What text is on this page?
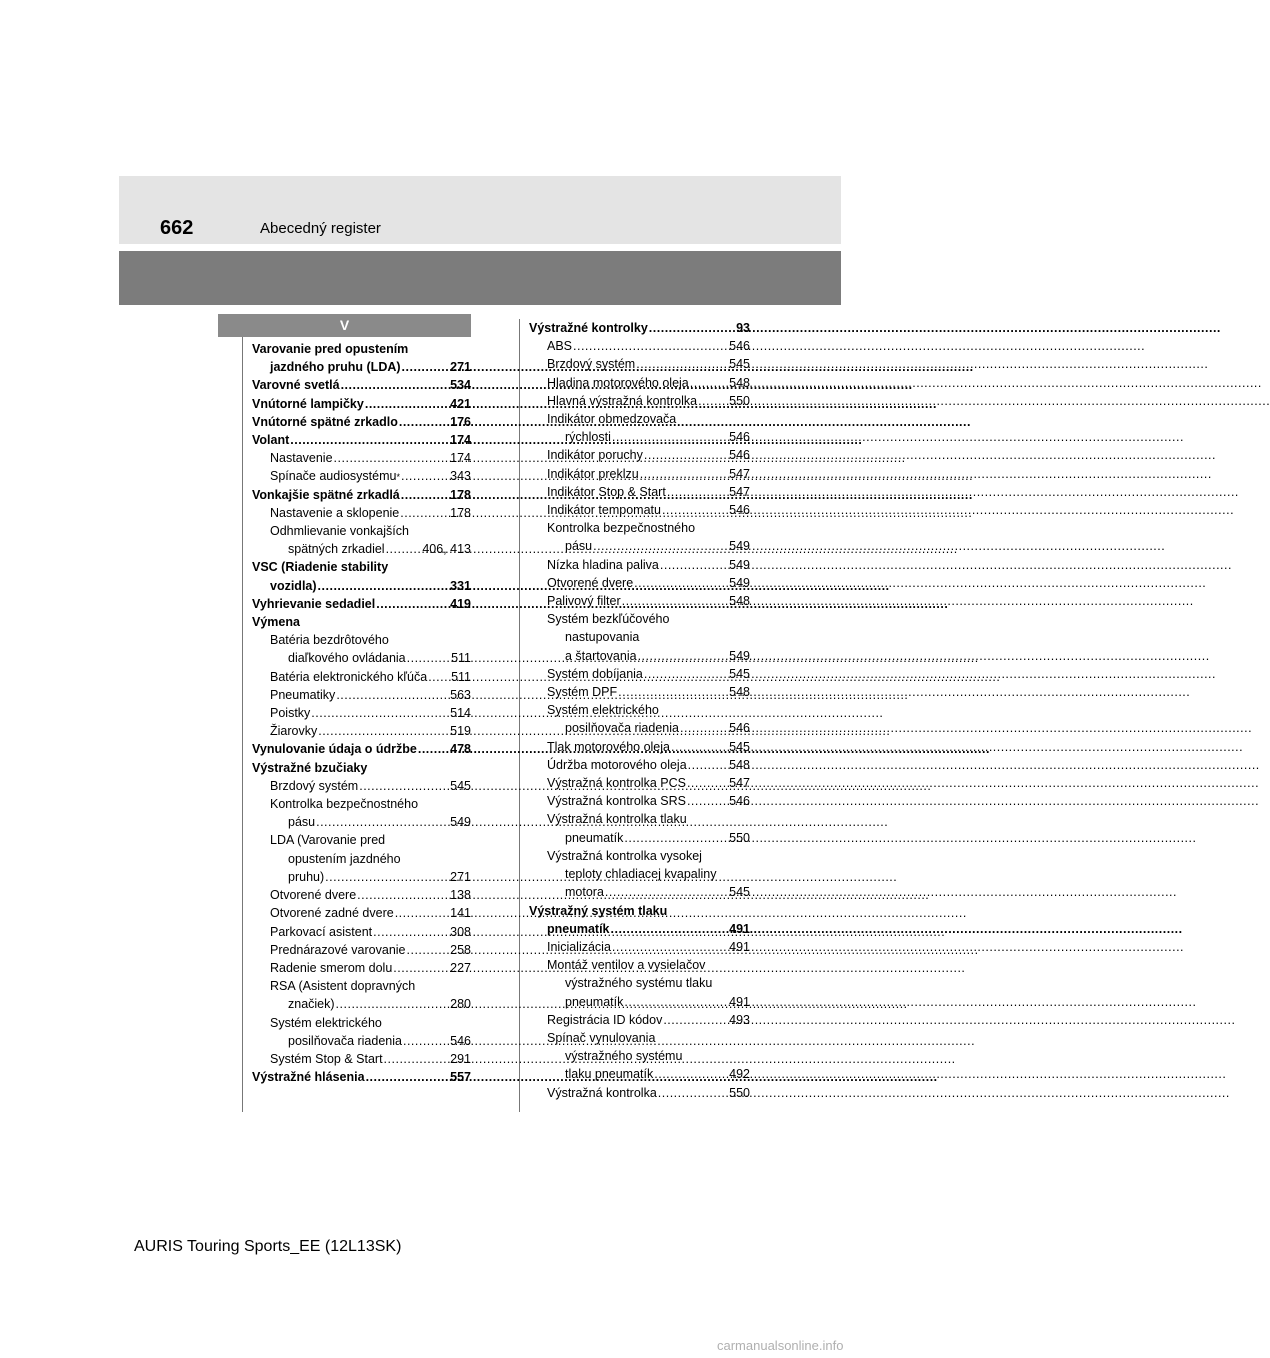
662	Abecedný register
V
Varovanie pred opustením
jazdného pruhu (LDA) .....	271
Varovné svetlá .....	534
Vnútorné lampičky .....	421
Vnútorné spätné zrkadlo .....	176
Volant .....	174
Nastavenie .....	174
Spínače audiosystému * .....	343
Vonkajšie spätné zrkadlá .....	178
Nastavenie a sklopenie .....	178
Odhmlievanie vonkajších
spätných zrkadiel .....	406, 413
VSC (Riadenie stability
vozidla) .....	331
Vyhrievanie sedadiel .....	419
Výmena
Batéria bezdrôtového
diaľkového ovládania .....	511
Batéria elektronického kľúča ..... 511
Pneumatiky .....	563
Poistky .....	514
Žiarovky .....	519
Vynulovanie údaja o údržbe .....	478
Výstražné bzučiaky
Brzdový systém .....	545
Kontrolka bezpečnostného
pásu .....	549
LDA (Varovanie pred
opustením jazdného
pruhu) .....	271
Otvorené dvere .....	138
Otvorené zadné dvere .....	141
Parkovací asistent .....	308
Prednárazové varovanie .....	258
Radenie smerom dolu .....	227
RSA (Asistent dopravných
značiek) .....	280
Systém elektrického
posilňovača riadenia .....	546
Systém Stop & Start .....	291
Výstražné hlásenia .....	557
Výstražné kontrolky .....	93
ABS .....	546
Brzdový systém .....	545
Hladina motorového oleja .....	548
Hlavná výstražná kontrolka .....	550
Indikátor obmedzovača
rýchlosti .....	546
Indikátor poruchy .....	546
Indikátor preklzu .....	547
Indikátor Stop & Start .....	547
Indikátor tempomatu .....	546
Kontrolka bezpečnostného
pásu .....	549
Nízka hladina paliva .....	549
Otvorené dvere .....	549
Palivový filter .....	548
Systém bezkľúčového
nastupovania
a štartovania .....	549
Systém dobíjania .....	545
Systém DPF .....	548
Systém elektrického
posilňovača riadenia .....	546
Tlak motorového oleja .....	545
Údržba motorového oleja .....	548
Výstražná kontrolka PCS .....	547
Výstražná kontrolka SRS .....	546
Výstražná kontrolka tlaku
pneumatík .....	550
Výstražná kontrolka vysokej
teploty chladiacej kvapaliny
motora .....	545
Výstražný systém tlaku
pneumatík .....	491
Inicializácia .....	491
Montáž ventilov a vysielačov
výstražného systému tlaku
pneumatík .....	491
Registrácia ID kódov .....	493
Spínač vynulovania
výstražného systému
tlaku pneumatík .....	492
Výstražná kontrolka .....	550
AURIS Touring Sports_EE (12L13SK)
carmanualsonline.info
